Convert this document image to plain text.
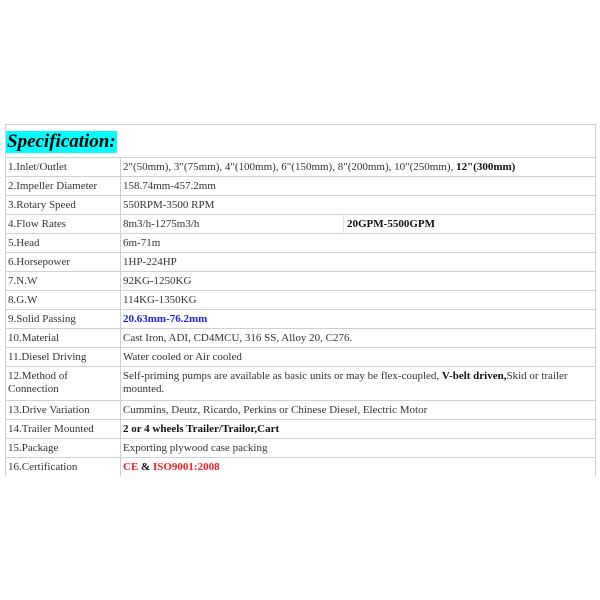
Specification:	
1.Inlet/Outlet	2"(50mm), 3"(75mm), 4"(100mm), 6"(150mm), 8"(200mm), 10"(250mm), 12"(300mm)
2.Impeller Diameter	158.74mm-457.2mm
3.Rotary Speed	550RPM-3500 RPM
4.Flow Rates	8m3/h-1275m3/h 20GPM-5500GPM

5.Head	6m-71m
6.Horsepower	1HP-224HP
7.N.W	92KG-1250KG
8.G.W	114KG-1350KG
9.Solid Passing	20.63mm-76.2mm
10.Material	Cast Iron, ADI, CD4MCU, 316 SS, Alloy 20, C276.
11.Diesel Driving	Water cooled or Air cooled
12.Method of Connection	Self-priming pumps are available as basic units or may be flex-coupled, V-belt driven,Skid or trailer mounted.
13.Drive Variation	Cummins, Deutz, Ricardo, Perkins or Chinese Diesel, Electric Motor
14.Trailer Mounted	2 or 4 wheels Trailer/Trailor,Cart
15.Package	Exporting plywood case packing
16.Certification	CE & ISO9001:2008
